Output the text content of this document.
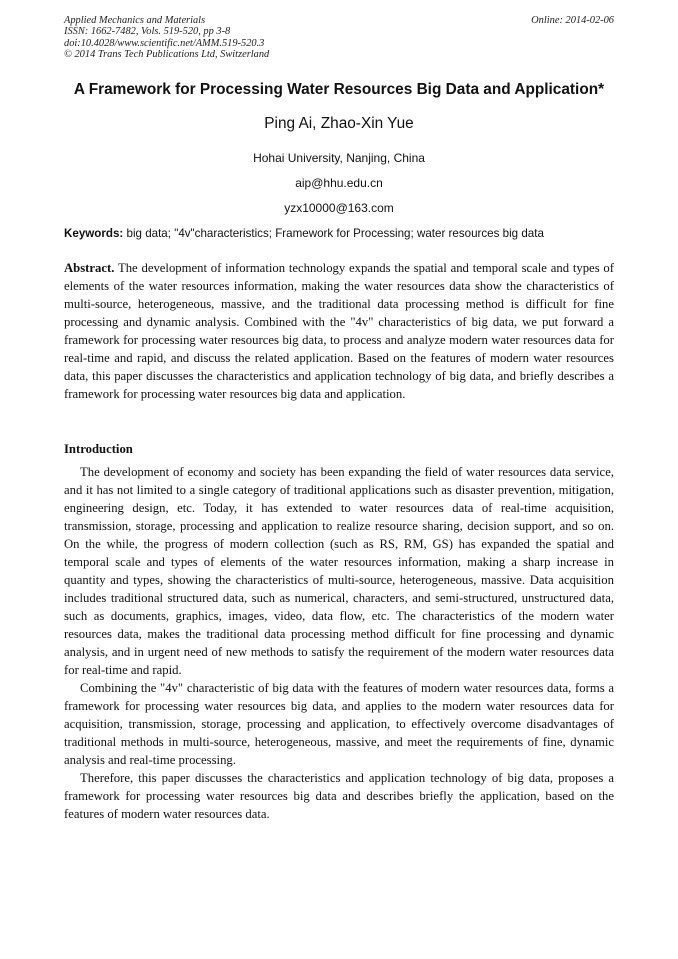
Applied Mechanics and Materials
ISSN: 1662-7482, Vols. 519-520, pp 3-8
doi:10.4028/www.scientific.net/AMM.519-520.3
© 2014 Trans Tech Publications Ltd, Switzerland
Online: 2014-02-06
A Framework for Processing Water Resources Big Data and Application*
Ping Ai, Zhao-Xin Yue
Hohai University, Nanjing, China
aip@hhu.edu.cn
yzx10000@163.com
Keywords: big data; "4v"characteristics; Framework for Processing; water resources big data
Abstract. The development of information technology expands the spatial and temporal scale and types of elements of the water resources information, making the water resources data show the characteristics of multi-source, heterogeneous, massive, and the traditional data processing method is difficult for fine processing and dynamic analysis. Combined with the "4v" characteristics of big data, we put forward a framework for processing water resources big data, to process and analyze modern water resources data for real-time and rapid, and discuss the related application. Based on the features of modern water resources data, this paper discusses the characteristics and application technology of big data, and briefly describes a framework for processing water resources big data and application.
Introduction

The development of economy and society has been expanding the field of water resources data service, and it has not limited to a single category of traditional applications such as disaster prevention, mitigation, engineering design, etc. Today, it has extended to water resources data of real-time acquisition, transmission, storage, processing and application to realize resource sharing, decision support, and so on. On the while, the progress of modern collection (such as RS, RM, GS) has expanded the spatial and temporal scale and types of elements of the water resources information, making a sharp increase in quantity and types, showing the characteristics of multi-source, heterogeneous, massive. Data acquisition includes traditional structured data, such as numerical, characters, and semi-structured, unstructured data, such as documents, graphics, images, video, data flow, etc. The characteristics of the modern water resources data, makes the traditional data processing method difficult for fine processing and dynamic analysis, and in urgent need of new methods to satisfy the requirement of the modern water resources data for real-time and rapid.

Combining the "4v" characteristic of big data with the features of modern water resources data, forms a framework for processing water resources big data, and applies to the modern water resources data for acquisition, transmission, storage, processing and application, to effectively overcome disadvantages of traditional methods in multi-source, heterogeneous, massive, and meet the requirements of fine, dynamic analysis and real-time processing.

Therefore, this paper discusses the characteristics and application technology of big data, proposes a framework for processing water resources big data and describes briefly the application, based on the features of modern water resources data.
